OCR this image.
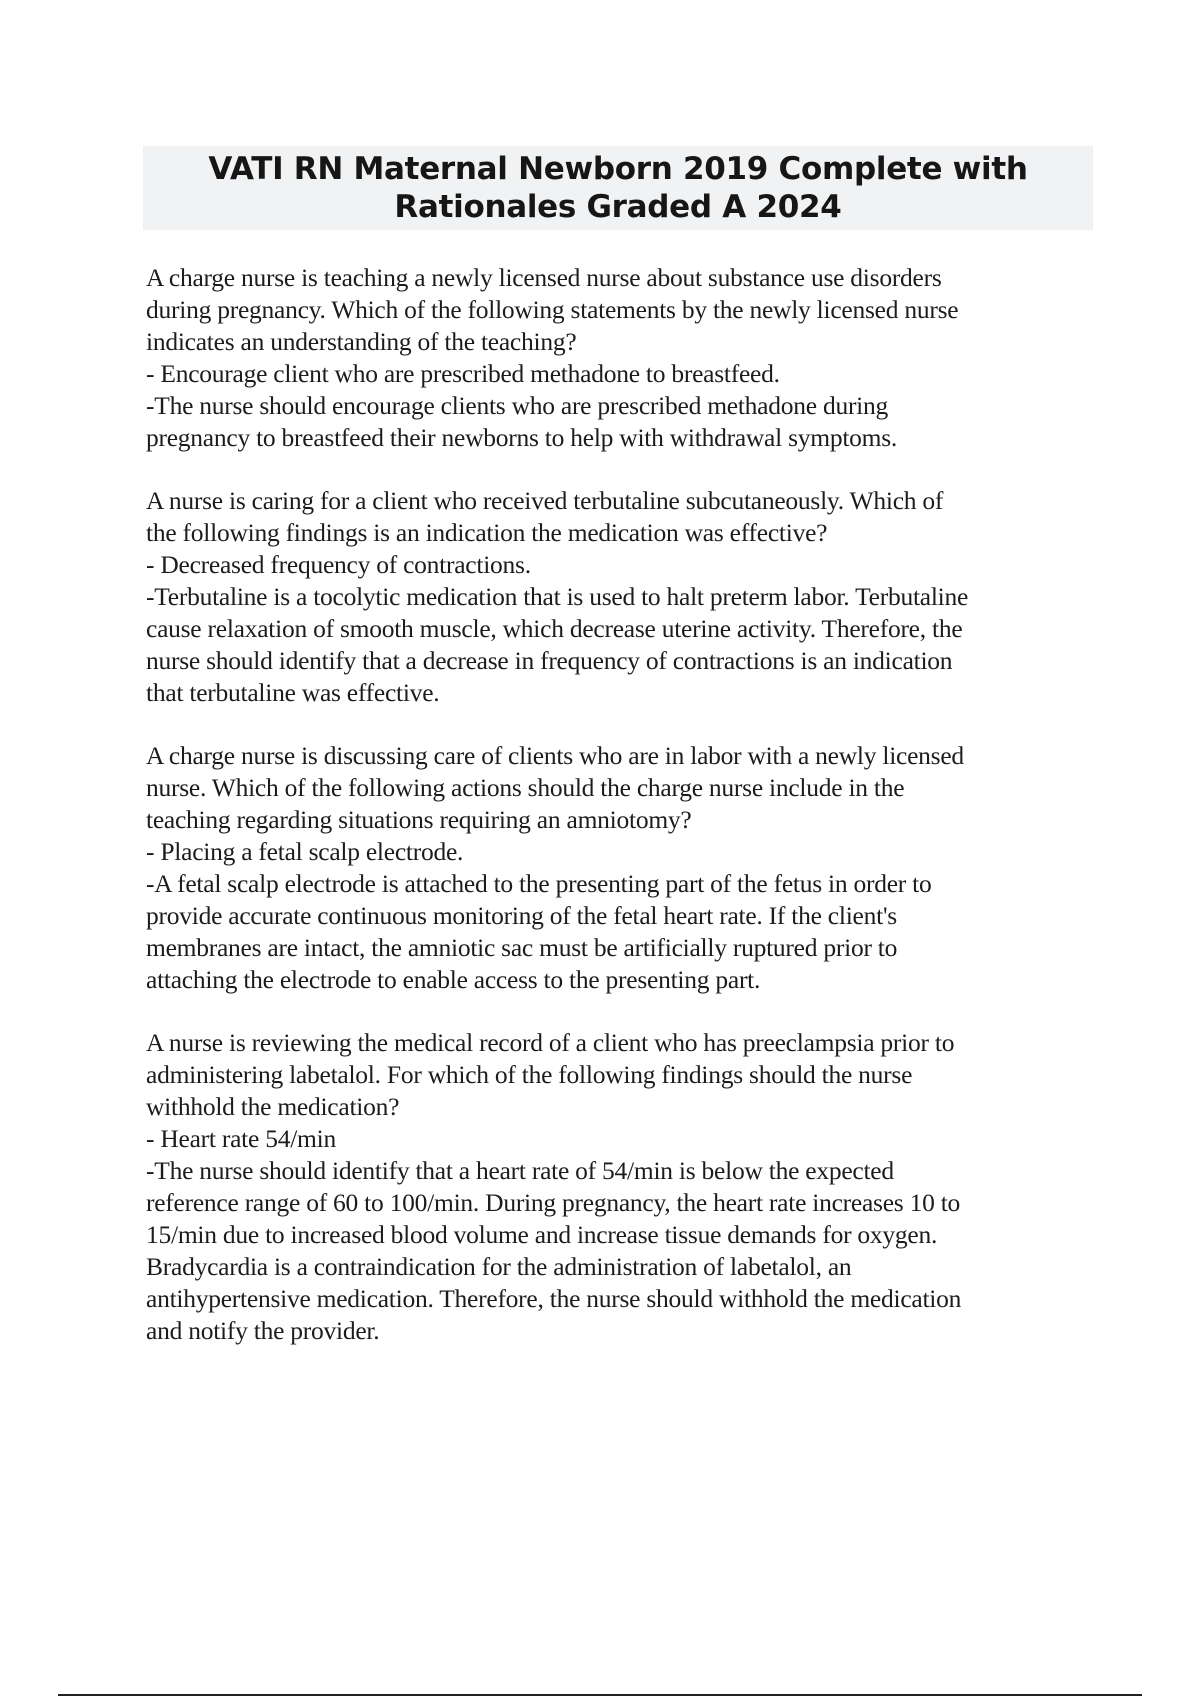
VATI RN Maternal Newborn 2019 Complete with
Rationales Graded A 2024
A charge nurse is teaching a newly licensed nurse about substance use disorders
during pregnancy. Which of the following statements by the newly licensed nurse
indicates an understanding of the teaching?
- Encourage client who are prescribed methadone to breastfeed.
-The nurse should encourage clients who are prescribed methadone during
pregnancy to breastfeed their newborns to help with withdrawal symptoms.
A nurse is caring for a client who received terbutaline subcutaneously. Which of
the following findings is an indication the medication was effective?
- Decreased frequency of contractions.
-Terbutaline is a tocolytic medication that is used to halt preterm labor. Terbutaline
cause relaxation of smooth muscle, which decrease uterine activity. Therefore, the
nurse should identify that a decrease in frequency of contractions is an indication
that terbutaline was effective.
A charge nurse is discussing care of clients who are in labor with a newly licensed
nurse. Which of the following actions should the charge nurse include in the
teaching regarding situations requiring an amniotomy?
- Placing a fetal scalp electrode.
-A fetal scalp electrode is attached to the presenting part of the fetus in order to
provide accurate continuous monitoring of the fetal heart rate. If the client's
membranes are intact, the amniotic sac must be artificially ruptured prior to
attaching the electrode to enable access to the presenting part.
A nurse is reviewing the medical record of a client who has preeclampsia prior to
administering labetalol. For which of the following findings should the nurse
withhold the medication?
- Heart rate 54/min
-The nurse should identify that a heart rate of 54/min is below the expected
reference range of 60 to 100/min. During pregnancy, the heart rate increases 10 to
15/min due to increased blood volume and increase tissue demands for oxygen.
Bradycardia is a contraindication for the administration of labetalol, an
antihypertensive medication. Therefore, the nurse should withhold the medication
and notify the provider.
